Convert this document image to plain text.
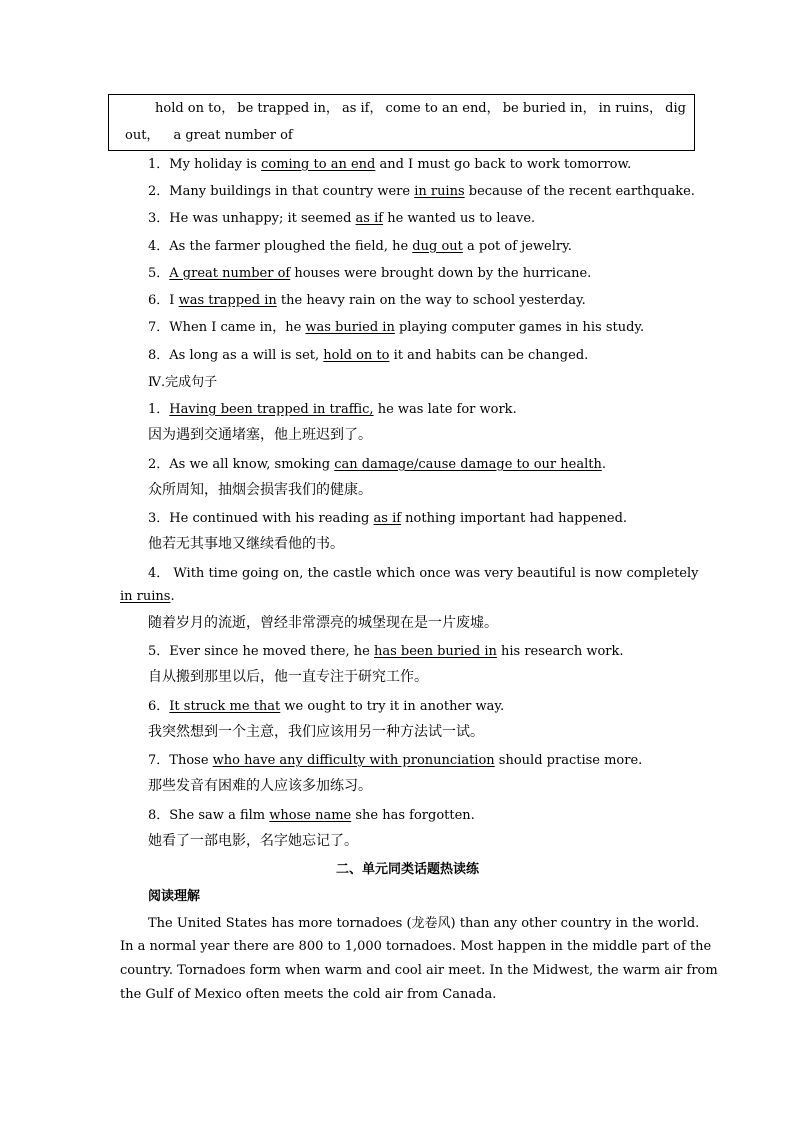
hold on to， be trapped in， as if， come to an end， be buried in， in ruins， dig
out， a great number of
1．My holiday is coming to an end and I must go back to work tomorrow.
2．Many buildings in that country were in ruins because of the recent earthquake.
3．He was unhappy; it seemed as if he wanted us to leave.
4．As the farmer ploughed the field, he dug out a pot of jewelry.
5．A great number of houses were brought down by the hurricane.
6．I was trapped in the heavy rain on the way to school yesterday.
7．When I came in，he was buried in playing computer games in his study.
8．As long as a will is set, hold on to it and habits can be changed.
Ⅳ.完成句子
1．Having been trapped in traffic, he was late for work.
因为遇到交通堵塞，他上班迟到了。
2．As we all know, smoking can damage/cause damage to our health.
众所周知，抽烟会损害我们的健康。
3．He continued with his reading as if nothing important had happened.
他若无其事地又继续看他的书。
4． With time going on, the castle which once was very beautiful is now completely
in ruins.
随着岁月的流逝，曾经非常漂亮的城堡现在是一片废墟。
5．Ever since he moved there, he has been buried in his research work.
自从搬到那里以后，他一直专注于研究工作。
6．It struck me that we ought to try it in another way.
我突然想到一个主意，我们应该用另一种方法试一试。
7．Those who have any difficulty with pronunciation should practise more.
那些发音有困难的人应该多加练习。
8．She saw a film whose name she has forgotten.
她看了一部电影，名字她忘记了。
二、单元同类话题热读练
阅读理解
The United States has more tornadoes (龙卷风) than any other country in the world.
In a normal year there are 800 to 1,000 tornadoes. Most happen in the middle part of the
country. Tornadoes form when warm and cool air meet. In the Midwest, the warm air from
the Gulf of Mexico often meets the cold air from Canada.
